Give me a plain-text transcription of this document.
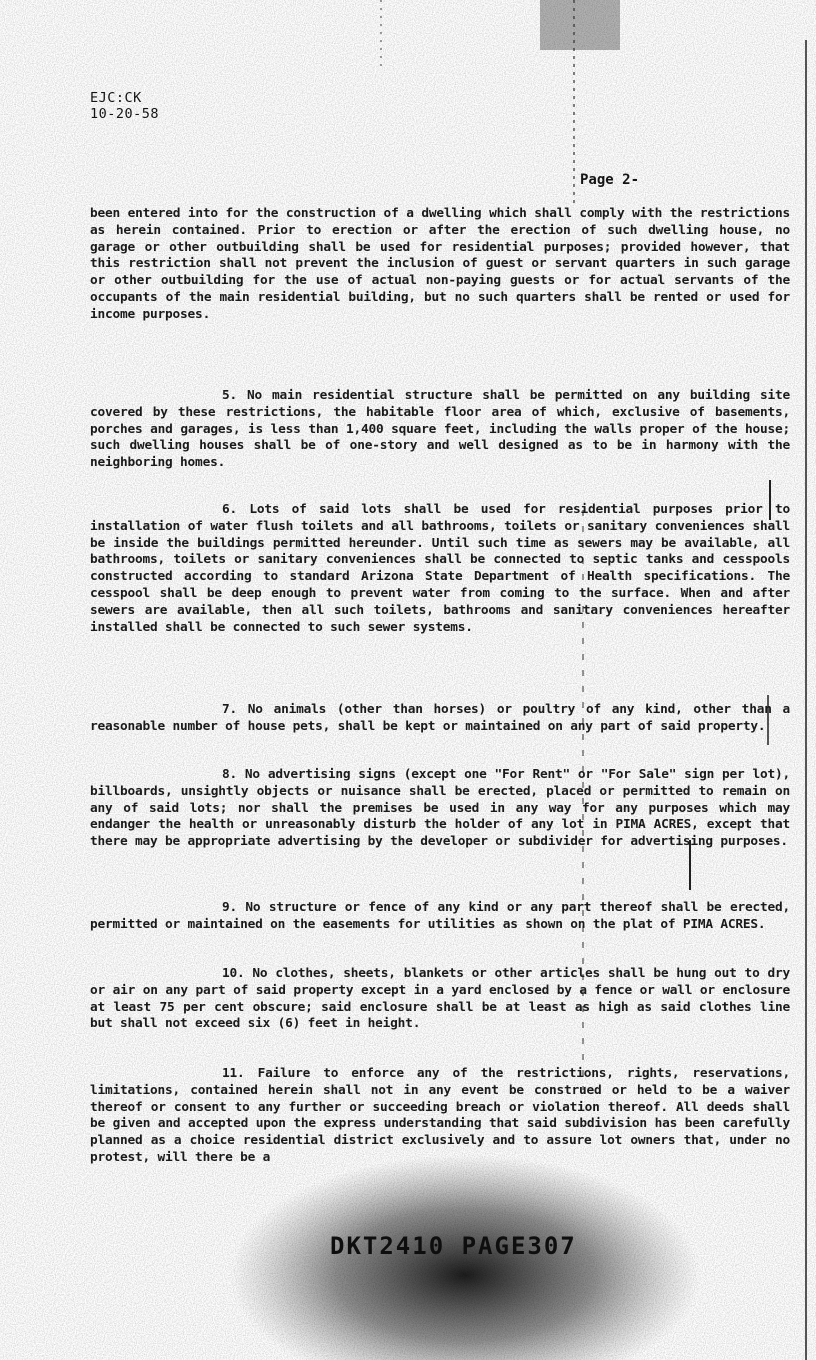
EJC:CK
10-20-58
Page 2-

been entered into for the construction of a dwelling which shall comply with the restrictions as herein contained. Prior to erection or after the erection of such dwelling house, no garage or other outbuilding shall be used for residential purposes; provided however, that this restriction shall not prevent the inclusion of guest or servant quarters in such garage or other outbuilding for the use of actual non-paying guests or for actual servants of the occupants of the main residential building, but no such quarters shall be rented or used for income purposes.

5. No main residential structure shall be permitted on any building site covered by these restrictions, the habitable floor area of which, exclusive of basements, porches and garages, is less than 1,400 square feet, including the walls proper of the house; such dwelling houses shall be of one-story and well designed as to be in harmony with the neighboring homes.

6. Lots of said lots shall be used for residential purposes prior to installation of water flush toilets and all bathrooms, toilets or sanitary conveniences shall be inside the buildings permitted hereunder. Until such time as sewers may be available, all bathrooms, toilets or sanitary conveniences shall be connected to septic tanks and cesspools constructed according to standard Arizona State Department of Health specifications. The cesspool shall be deep enough to prevent water from coming to the surface. When and after sewers are available, then all such toilets, bathrooms and sanitary conveniences hereafter installed shall be connected to such sewer systems.

7. No animals (other than horses) or poultry of any kind, other than a reasonable number of house pets, shall be kept or maintained on any part of said property.

8. No advertising signs (except one "For Rent" or "For Sale" sign per lot), billboards, unsightly objects or nuisance shall be erected, placed or permitted to remain on any of said lots; nor shall the premises be used in any way for any purposes which may endanger the health or unreasonably disturb the holder of any lot in PIMA ACRES, except that there may be appropriate advertising by the developer or subdivider for advertising purposes.

9. No structure or fence of any kind or any part thereof shall be erected, permitted or maintained on the easements for utilities as shown on the plat of PIMA ACRES.

10. No clothes, sheets, blankets or other articles shall be hung out to dry or air on any part of said property except in a yard enclosed by a fence or wall or enclosure at least 75 per cent obscure; said enclosure shall be at least as high as said clothes line but shall not exceed six (6) feet in height.

11. Failure to enforce any of the restrictions, rights, reservations, limitations, contained herein shall not in any event be construed or held to be a waiver thereof or consent to any further or succeeding breach or violation thereof. All deeds shall be given and accepted upon the express understanding that said subdivision has been carefully planned as a choice residential district exclusively and to assure lot owners that, under no protest, will there be a

DKT2410 PAGE307
